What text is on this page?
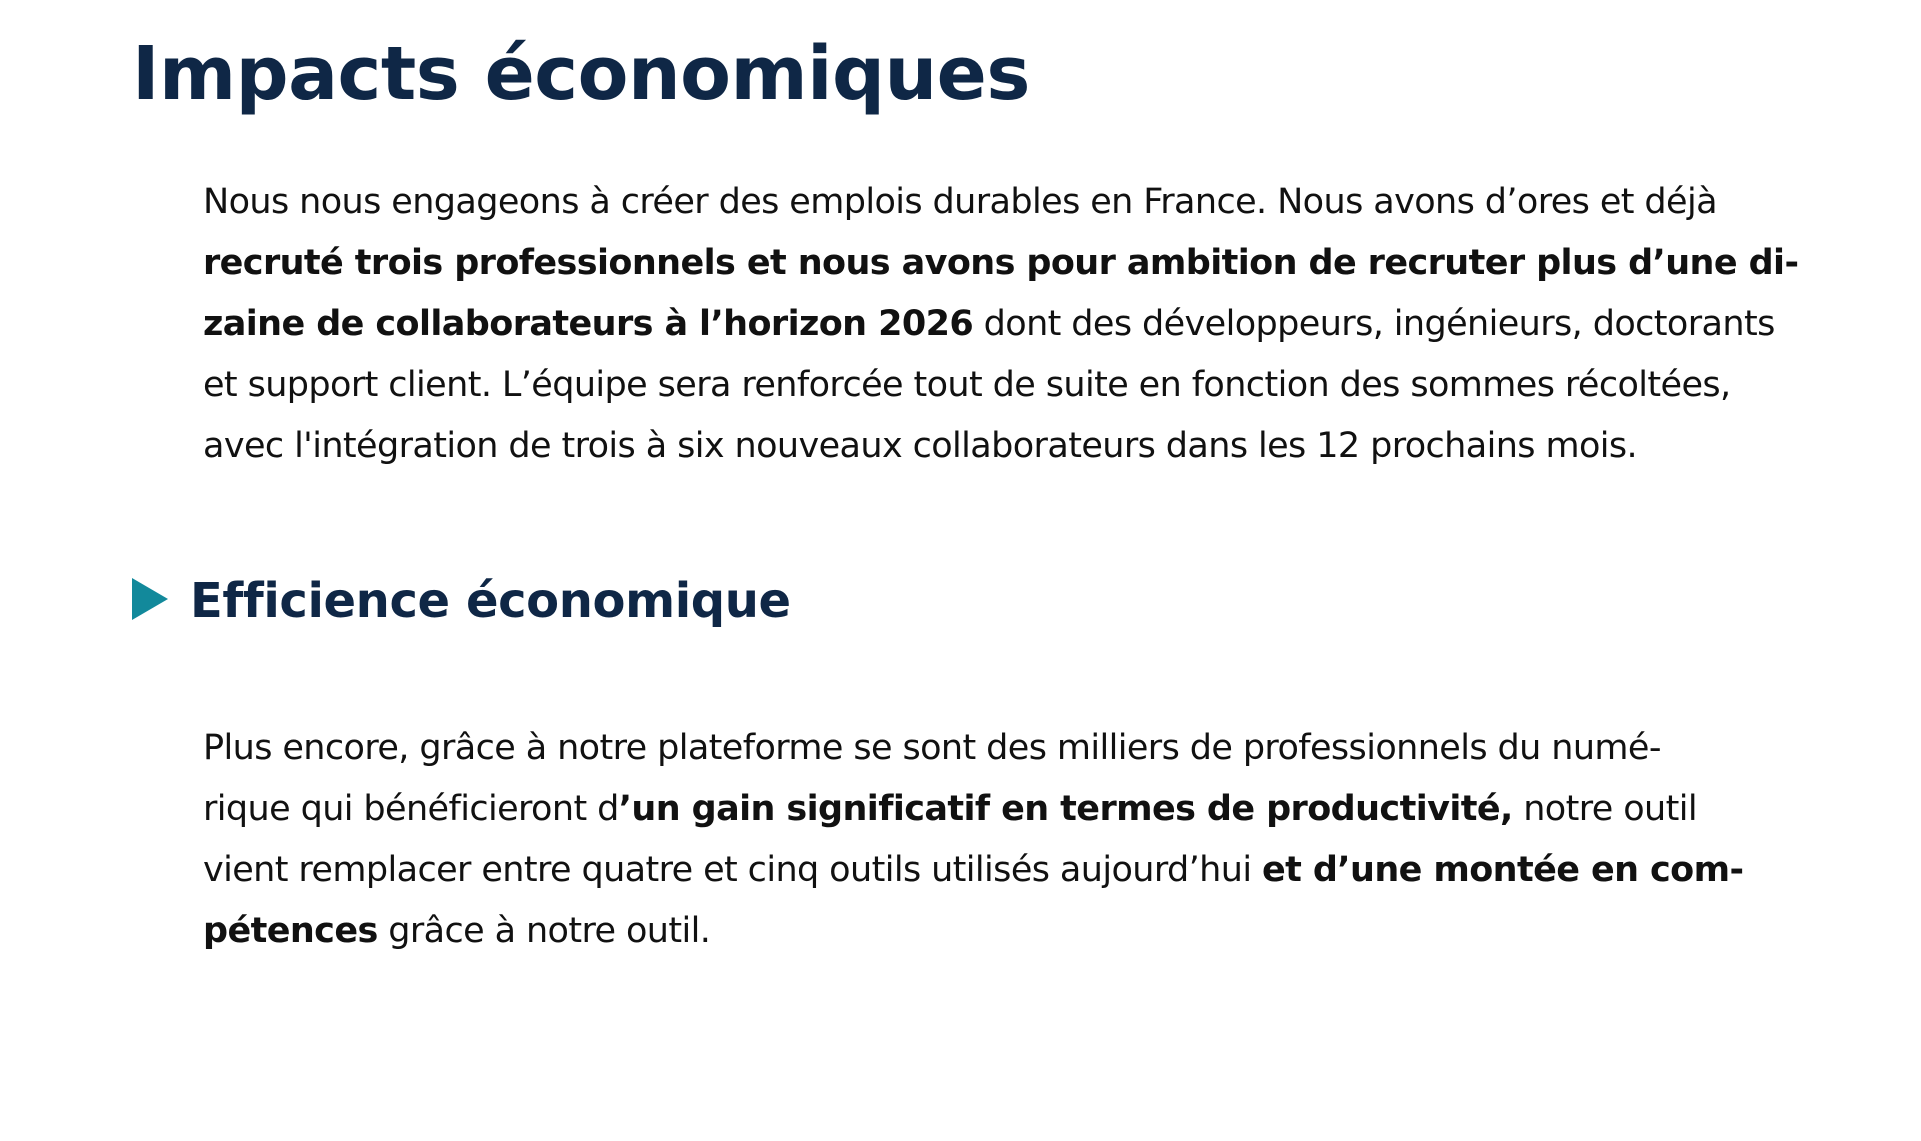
Impacts économiques

Nous nous engageons à créer des emplois durables en France. Nous avons d’ores et déjà
recruté trois professionnels et nous avons pour ambition de recruter plus d’une di-
zaine de collaborateurs à l’horizon 2026 dont des développeurs, ingénieurs, doctorants
et support client. L’équipe sera renforcée tout de suite en fonction des sommes récoltées,
avec l'intégration de trois à six nouveaux collaborateurs dans les 12 prochains mois.

Efficience économique

Plus encore, grâce à notre plateforme se sont des milliers de professionnels du numé-
rique qui bénéficieront d’un gain significatif en termes de productivité, notre outil
vient remplacer entre quatre et cinq outils utilisés aujourd’hui et d’une montée en com-
pétences grâce à notre outil.
